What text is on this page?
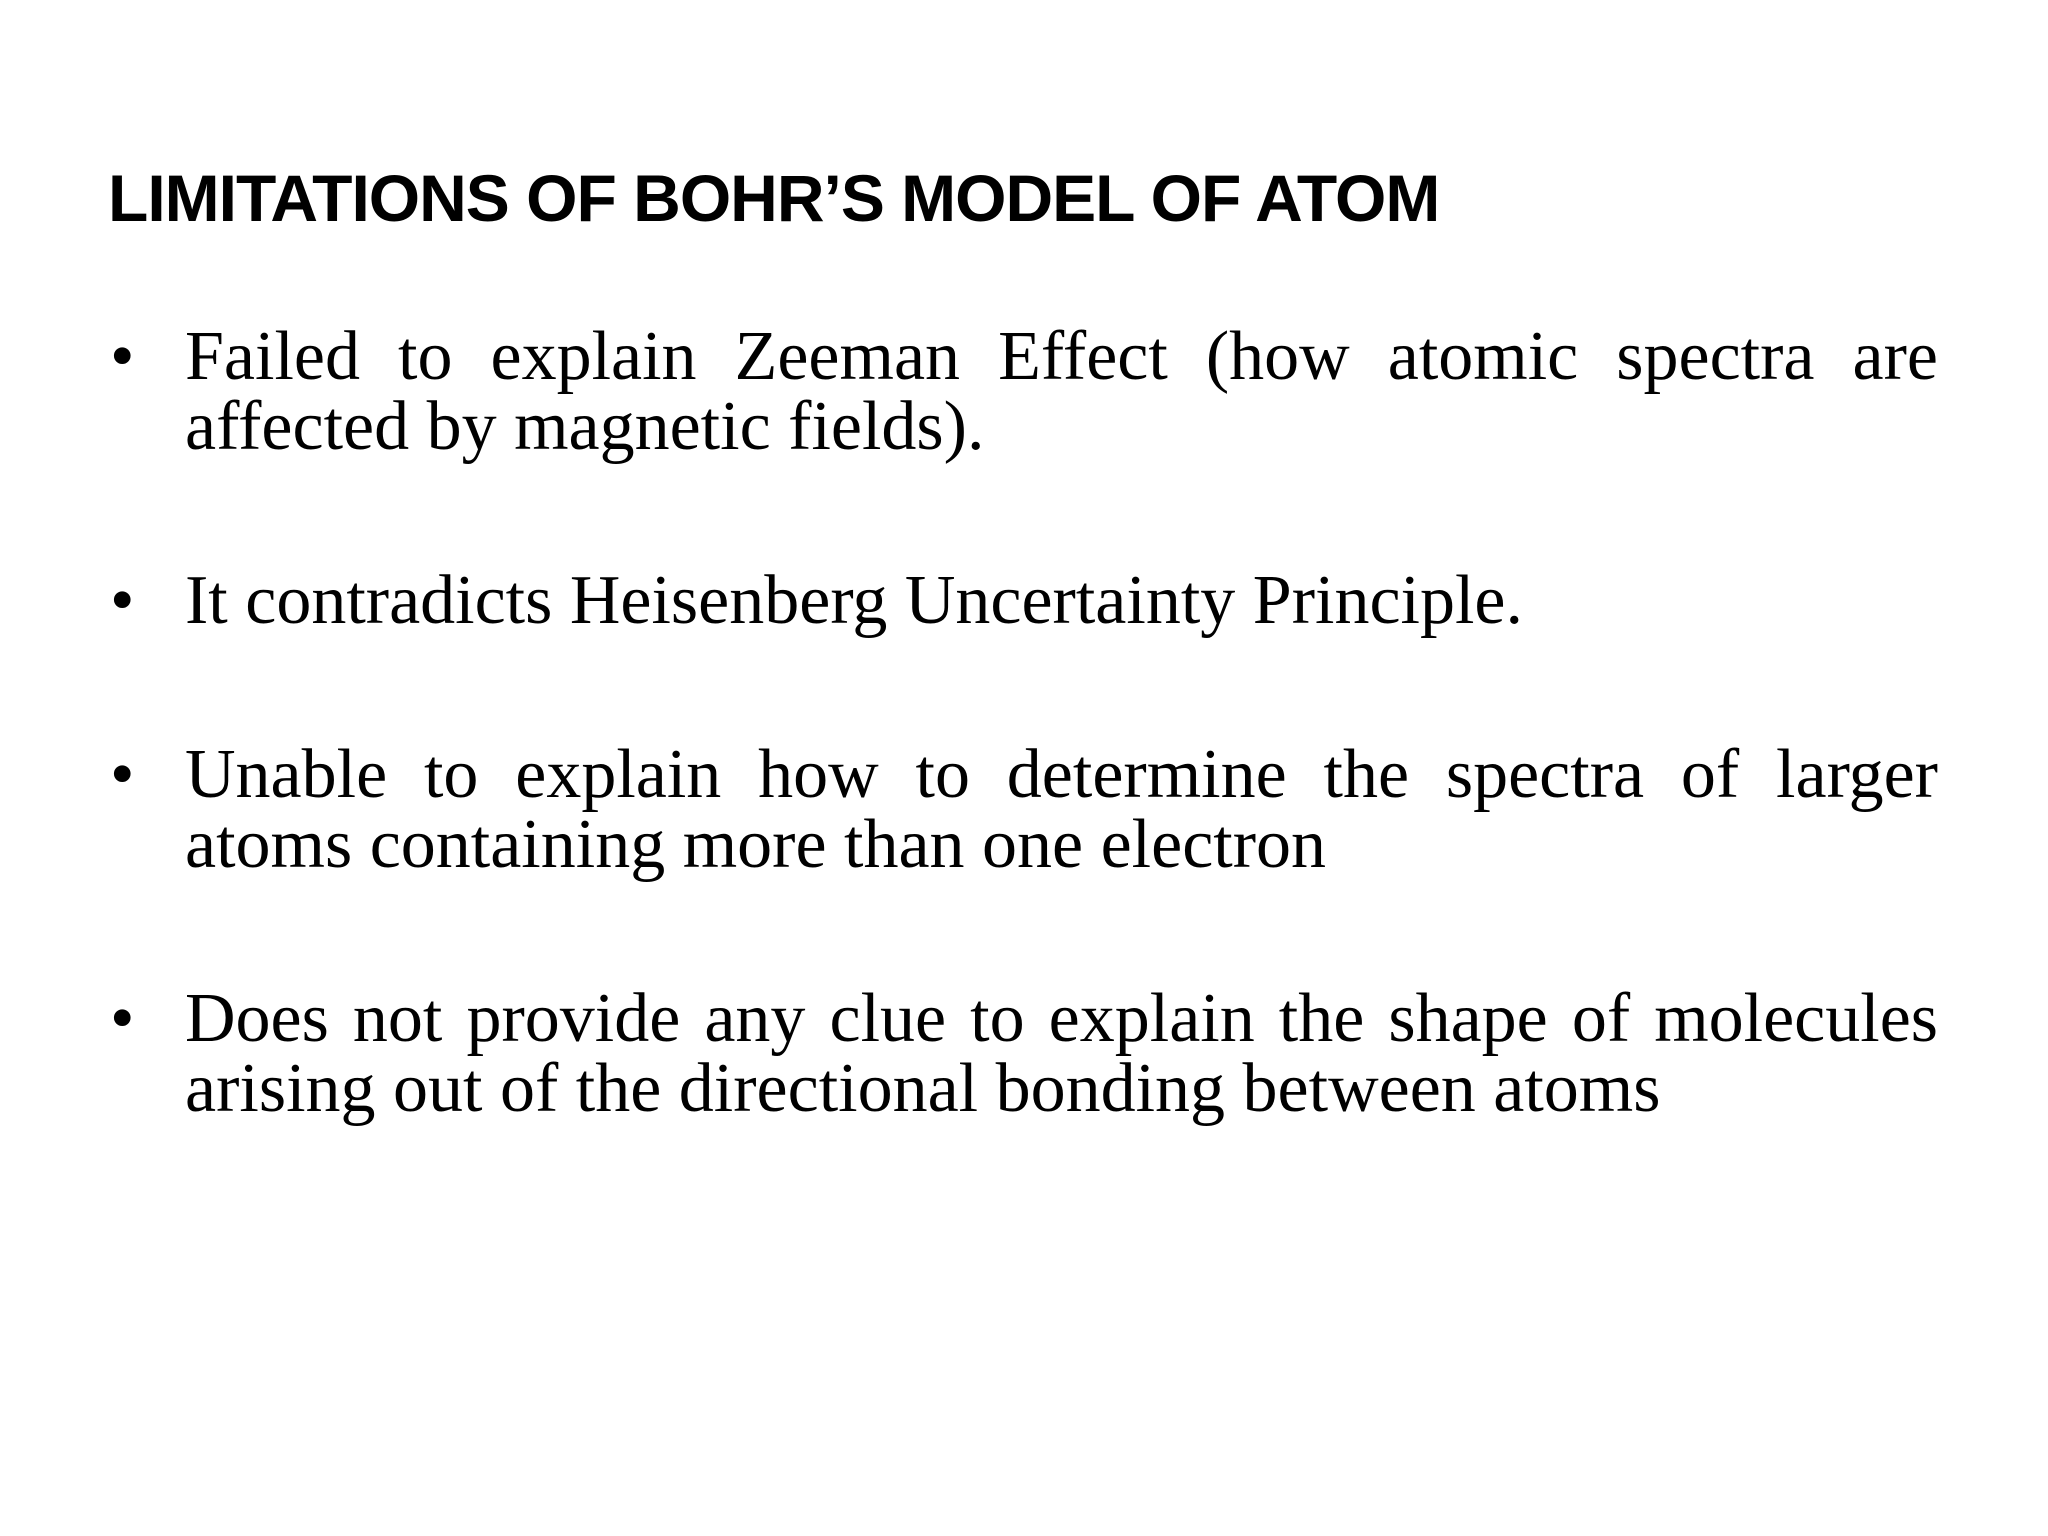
LIMITATIONS OF BOHR’S MODEL OF ATOM
• Failed to explain Zeeman Effect (how atomic spectra are affected by magnetic fields).
• It contradicts Heisenberg Uncertainty Principle.
• Unable to explain how to determine the spectra of larger atoms containing more than one electron
• Does not provide any clue to explain the shape of molecules arising out of the directional bonding between atoms
